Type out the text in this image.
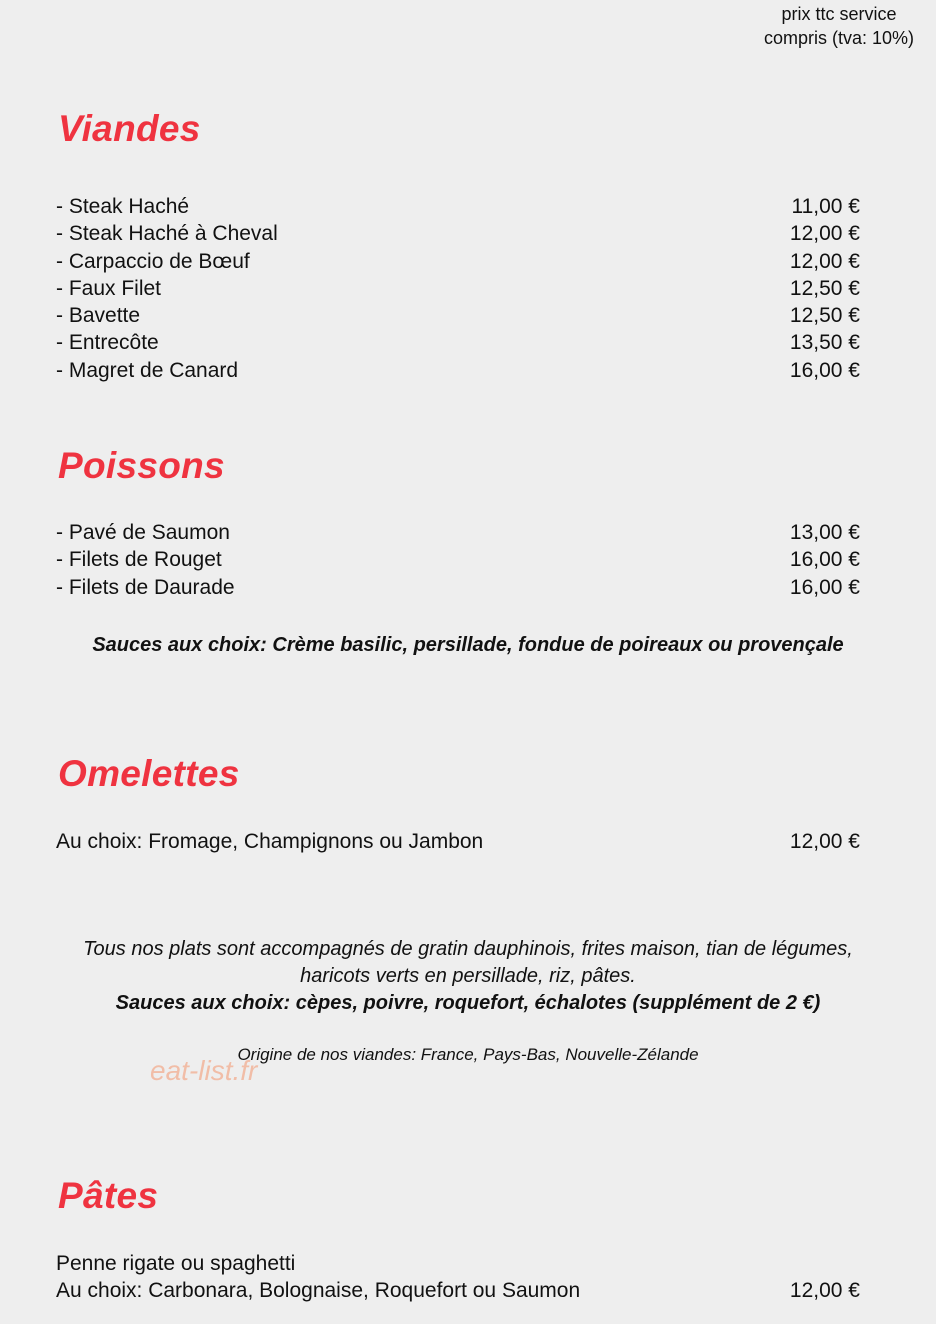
prix ttc service
compris (tva: 10%)
Viandes
- Steak Haché	11,00 €
- Steak Haché à Cheval	12,00 €
- Carpaccio de Bœuf	12,00 €
- Faux Filet	12,50 €
- Bavette	12,50 €
- Entrecôte	13,50 €
- Magret de Canard	16,00 €
Poissons
- Pavé de Saumon	13,00 €
- Filets de Rouget	16,00 €
- Filets de Daurade	16,00 €
Sauces aux choix: Crème basilic, persillade, fondue de poireaux ou provençale
Omelettes
Au choix: Fromage, Champignons ou Jambon	12,00 €
Tous nos plats sont accompagnés de gratin dauphinois, frites maison, tian de légumes,
haricots verts en persillade, riz, pâtes.
Sauces aux choix: cèpes, poivre, roquefort, échalotes (supplément de 2 €)
Origine de nos viandes: France, Pays-Bas, Nouvelle-Zélande
eat-list.fr
Pâtes
Penne rigate ou spaghetti
Au choix: Carbonara, Bolognaise, Roquefort ou Saumon	12,00 €
